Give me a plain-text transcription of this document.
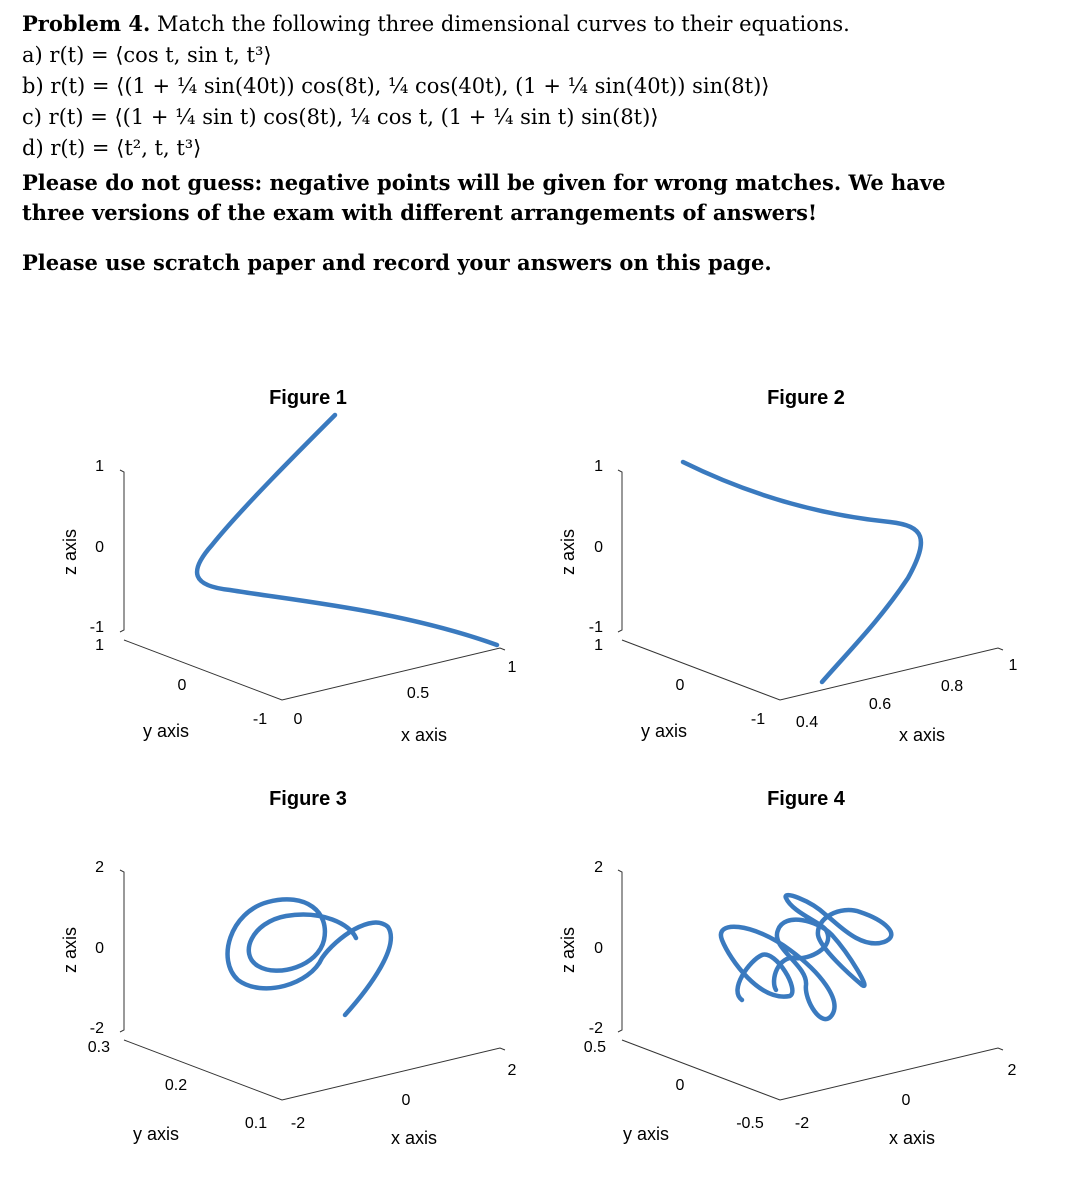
Problem 4. Match the following three dimensional curves to their equations.
a) r(t) = ⟨cos t, sin t, t³⟩
b) r(t) = ⟨(1 + ¼ sin(40t)) cos(8t), ¼ cos(40t), (1 + ¼ sin(40t)) sin(8t)⟩
c) r(t) = ⟨(1 + ¼ sin t) cos(8t), ¼ cos t, (1 + ¼ sin t) sin(8t)⟩
d) r(t) = ⟨t², t, t³⟩
Please do not guess: negative points will be given for wrong matches. We have
three versions of the exam with different arrangements of answers!
Please use scratch paper and record your answers on this page.
Figure 1
1
0
-1
1
0
-1 0
0.5
1
z axis
y axis	x axis
Figure 2
1
0
-1
1
0
-1 0.4
0.6
0.8
1
z axis
y axis	x axis
Figure 3
2
0
-2
0.3
0.2
0.1 -2
0
2
z axis
y axis	x axis
Figure 4
2
0
-2
0.5
0
-0.5 -2
0
2
z axis
y axis	x axis
